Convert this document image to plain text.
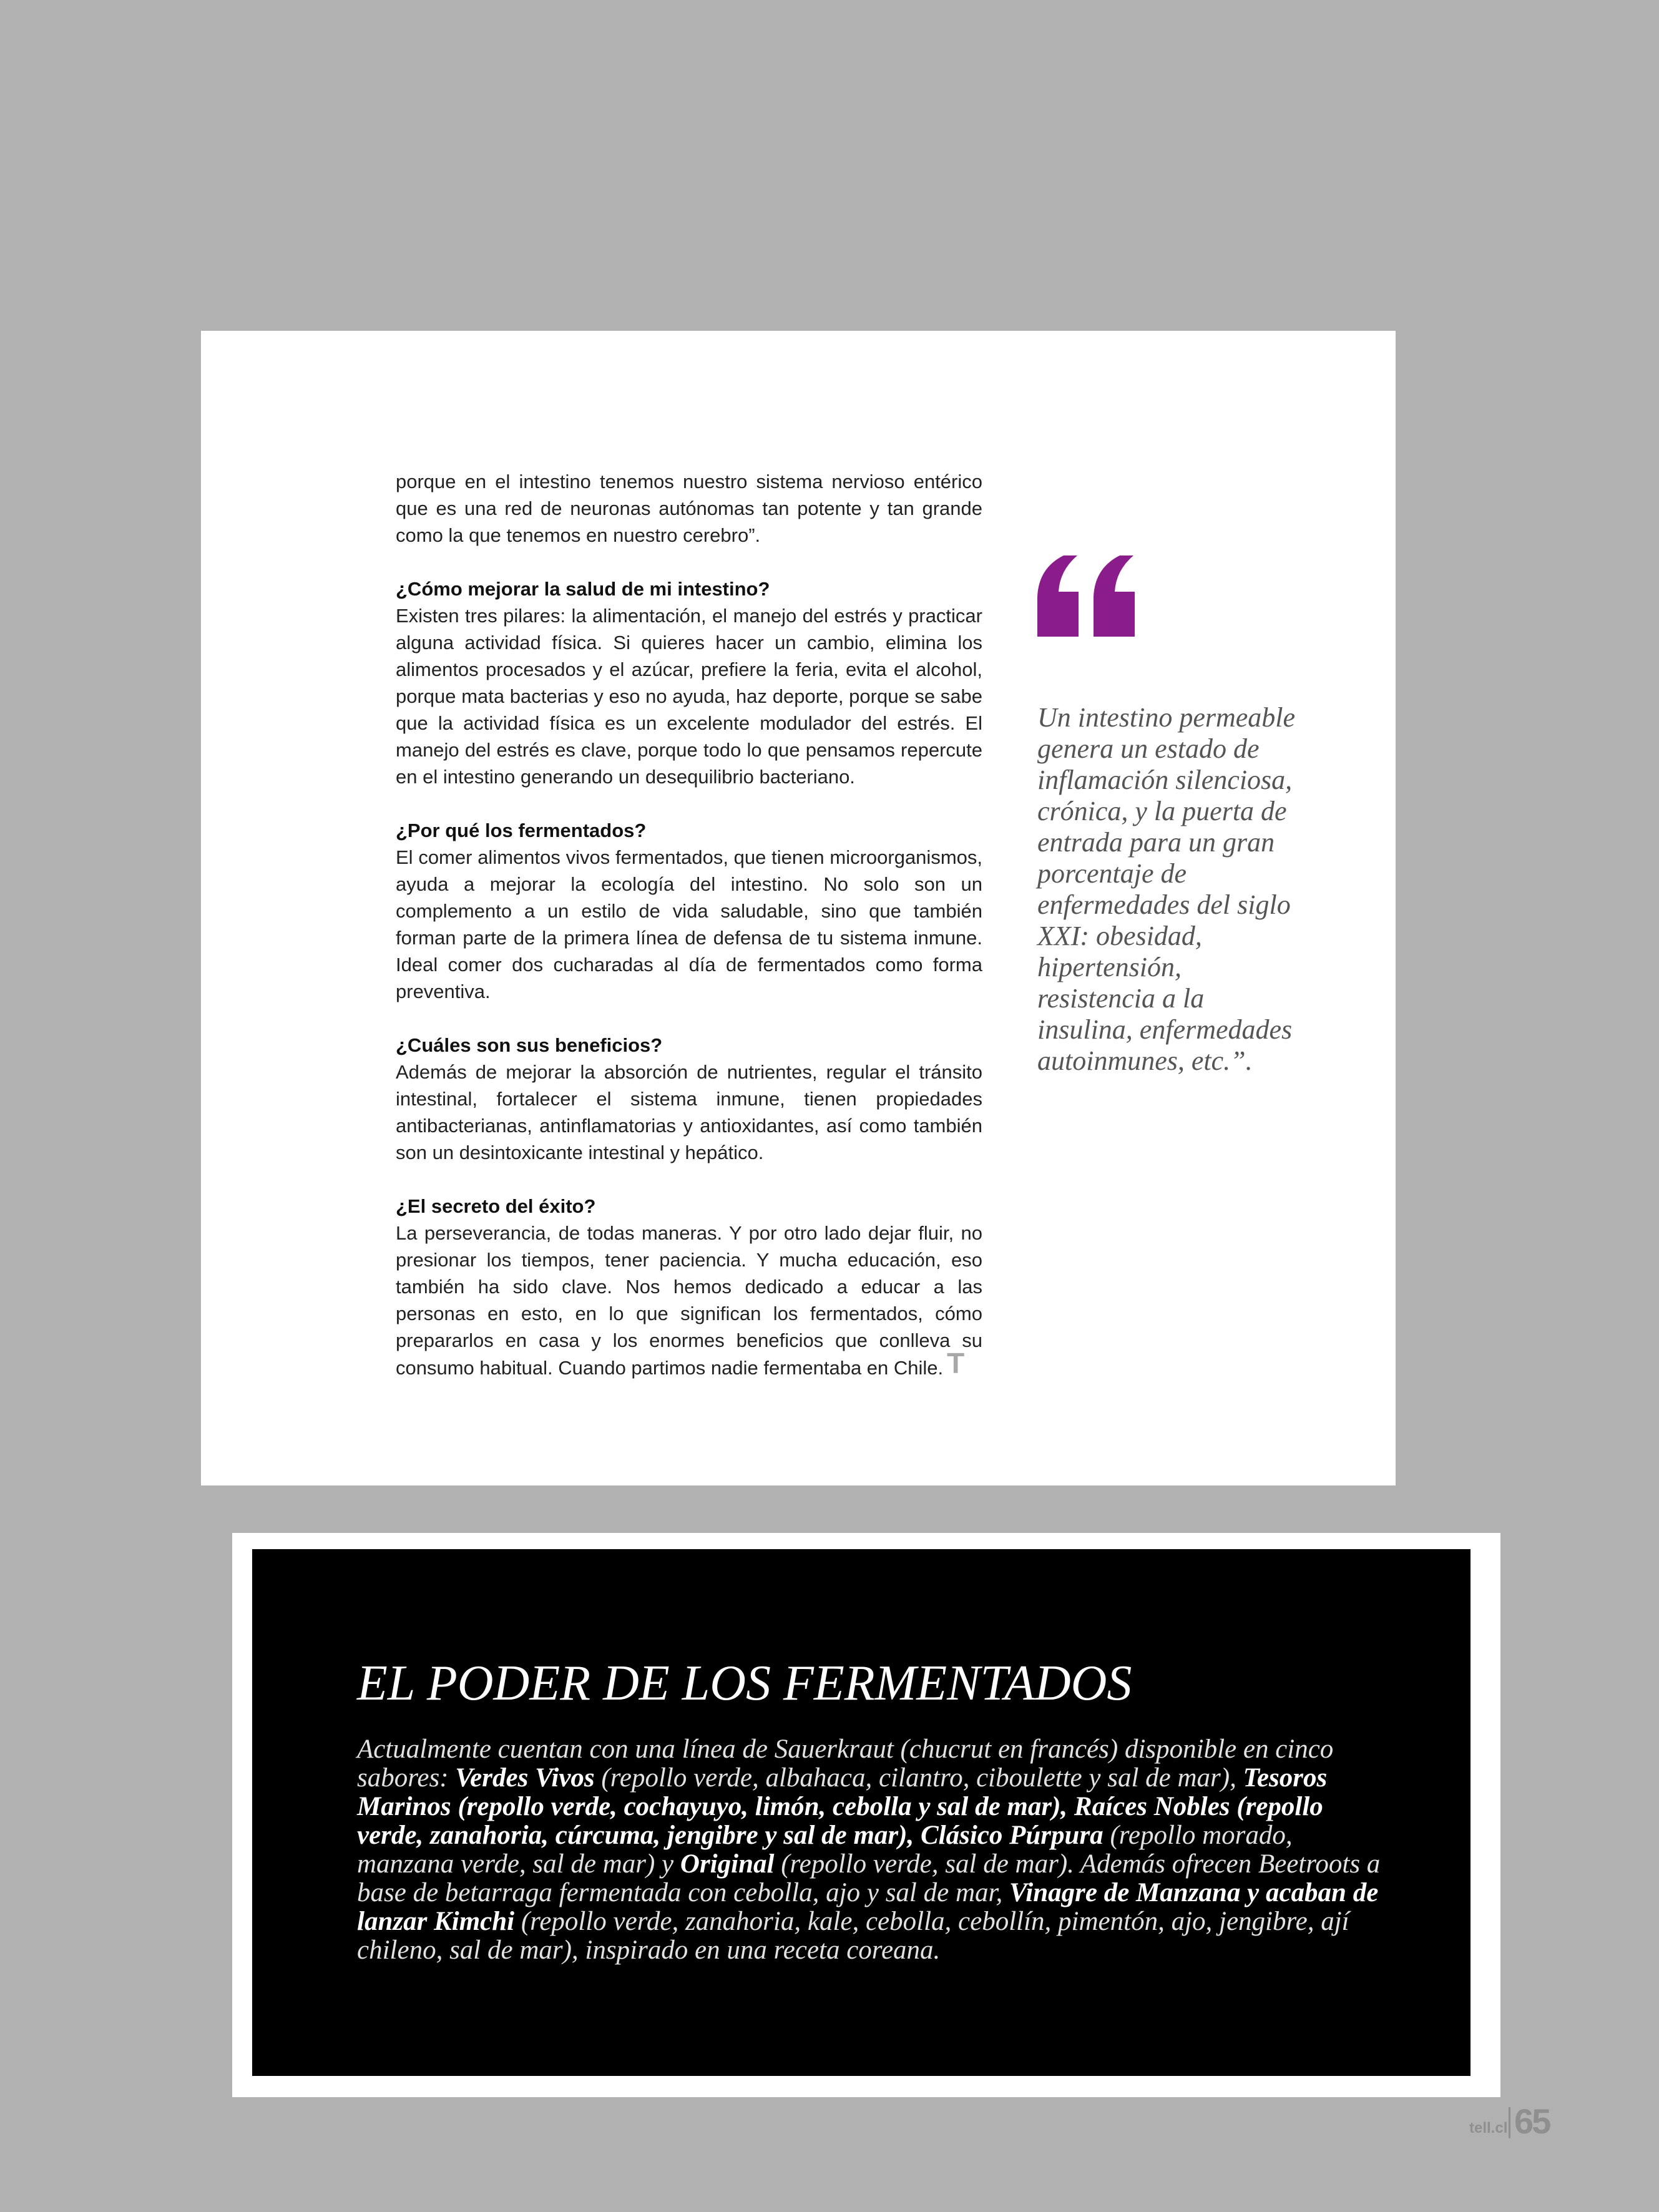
porque en el intestino tenemos nuestro sistema nervioso entérico que es una red de neuronas autónomas tan potente y tan grande como la que tenemos en nuestro cerebro”.

¿Cómo mejorar la salud de mi intestino?

Existen tres pilares: la alimentación, el manejo del estrés y practicar alguna actividad física. Si quieres hacer un cambio, elimina los alimentos procesados y el azúcar, prefiere la feria, evita el alcohol, porque mata bacterias y eso no ayuda, haz deporte, porque se sabe que la actividad física es un excelente modulador del estrés. El manejo del estrés es clave, porque todo lo que pensamos repercute en el intestino generando un desequilibrio bacteriano.

¿Por qué los fermentados?

El comer alimentos vivos fermentados, que tienen microorganismos, ayuda a mejorar la ecología del intestino. No solo son un complemento a un estilo de vida saludable, sino que también forman parte de la primera línea de defensa de tu sistema inmune. Ideal comer dos cucharadas al día de fermentados como forma preventiva.

¿Cuáles son sus beneficios?

Además de mejorar la absorción de nutrientes, regular el tránsito intestinal, fortalecer el sistema inmune, tienen propiedades antibacterianas, antinflamatorias y antioxidantes, así como también son un desintoxicante intestinal y hepático.

¿El secreto del éxito?

La perseverancia, de todas maneras. Y por otro lado dejar fluir, no presionar los tiempos, tener paciencia. Y mucha educación, eso también ha sido clave. Nos hemos dedicado a educar a las personas en esto, en lo que significan los fermentados, cómo prepararlos en casa y los enormes beneficios que conlleva su consumo habitual. Cuando partimos nadie fermentaba en Chile. T

Un intestino permeable genera un estado de inflamación silenciosa, crónica, y la puerta de entrada para un gran porcentaje de enfermedades del siglo XXI: obesidad, hipertensión, resistencia a la insulina, enfermedades autoinmunes, etc.”.

EL PODER DE LOS FERMENTADOS

Actualmente cuentan con una línea de Sauerkraut (chucrut en francés) disponible en cinco sabores: Verdes Vivos (repollo verde, albahaca, cilantro, ciboulette y sal de mar), Tesoros Marinos (repollo verde, cochayuyo, limón, cebolla y sal de mar), Raíces Nobles (repollo verde, zanahoria, cúrcuma, jengibre y sal de mar), Clásico Púrpura (repollo morado, manzana verde, sal de mar) y Original (repollo verde, sal de mar). Además ofrecen Beetroots a base de betarraga fermentada con cebolla, ajo y sal de mar, Vinagre de Manzana y acaban de lanzar Kimchi (repollo verde, zanahoria, kale, cebolla, cebollín, pimentón, ajo, jengibre, ají chileno, sal de mar), inspirado en una receta coreana.

tell.cl 65
